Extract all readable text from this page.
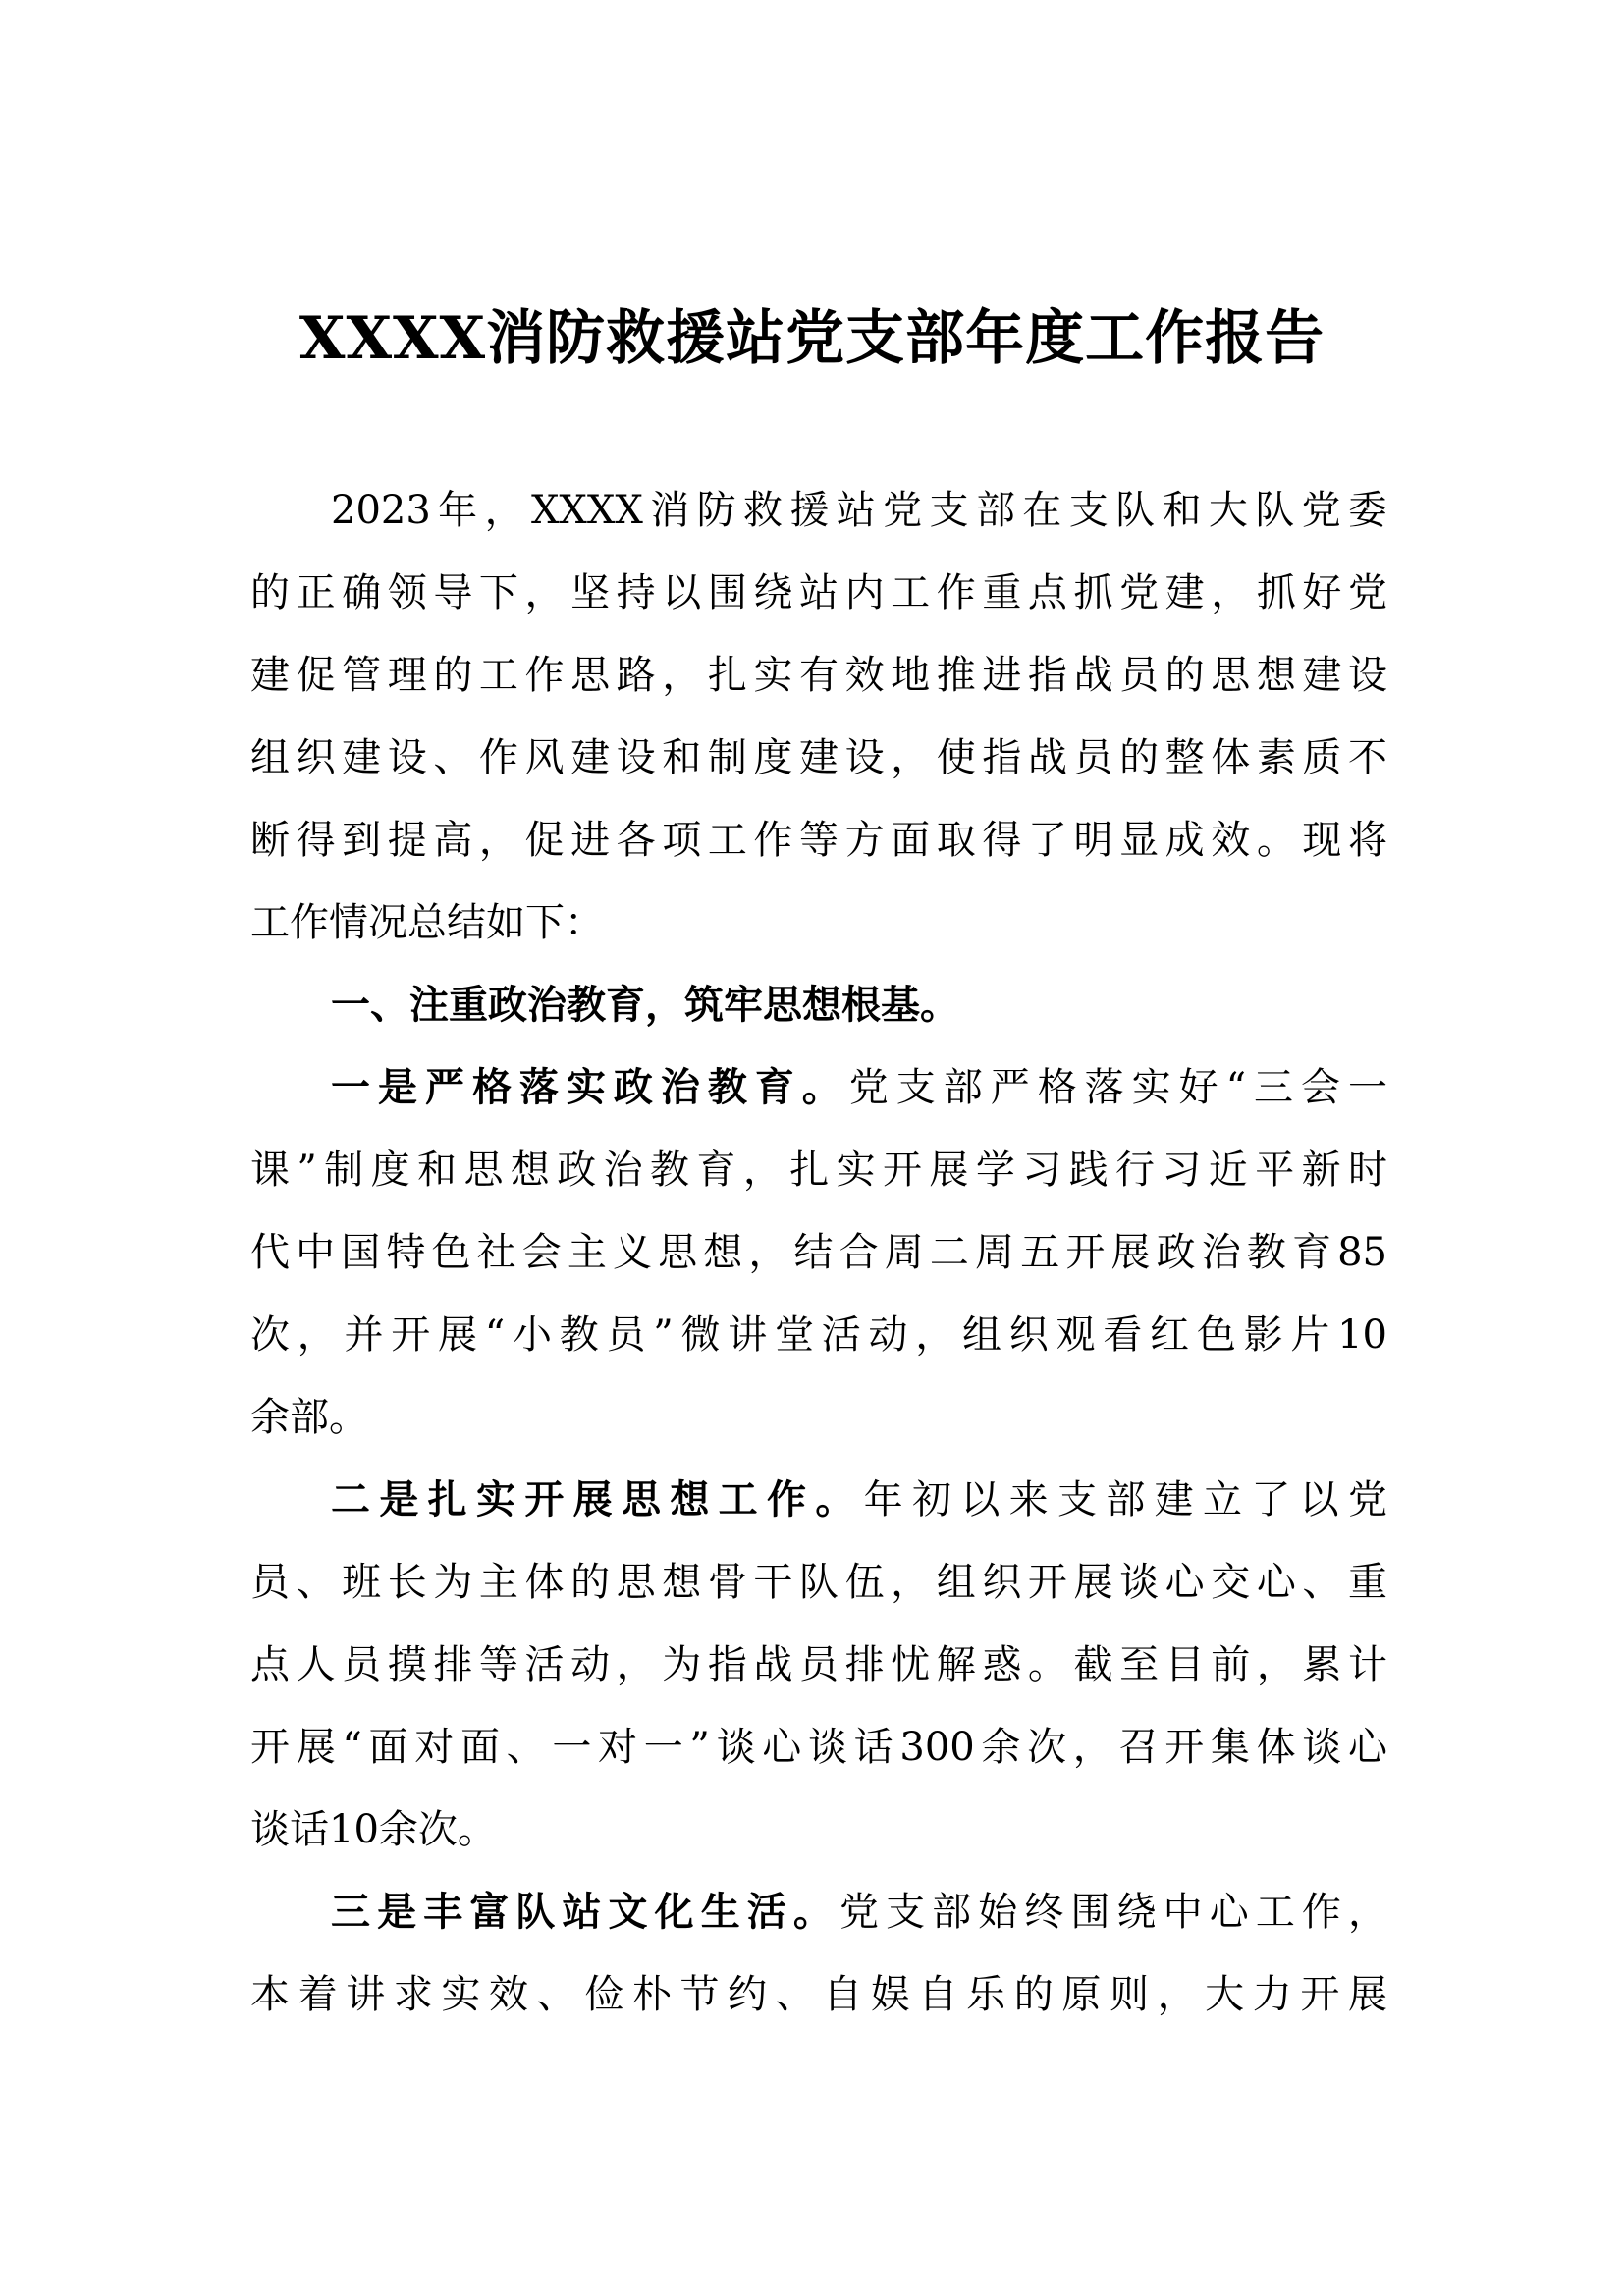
XXXX消防救援站党支部年度工作报告
2023年，XXXX消防救援站党支部在支队和大队党委
的正确领导下，坚持以围绕站内工作重点抓党建，抓好党
建促管理的工作思路，扎实有效地推进指战员的思想建设
组织建设、作风建设和制度建设，使指战员的整体素质不
断得到提高，促进各项工作等方面取得了明显成效。现将
工作情况总结如下：
一、注重政治教育，筑牢思想根基。
一是严格落实政治教育。党支部严格落实好“三会一
课”制度和思想政治教育，扎实开展学习践行习近平新时
代中国特色社会主义思想，结合周二周五开展政治教育85
次，并开展“小教员”微讲堂活动，组织观看红色影片10
余部。
二是扎实开展思想工作。年初以来支部建立了以党
员、班长为主体的思想骨干队伍，组织开展谈心交心、重
点人员摸排等活动，为指战员排忧解惑。截至目前，累计
开展“面对面、一对一”谈心谈话300余次，召开集体谈心
谈话10余次。
三是丰富队站文化生活。党支部始终围绕中心工作，
本着讲求实效、俭朴节约、自娱自乐的原则，大力开展
